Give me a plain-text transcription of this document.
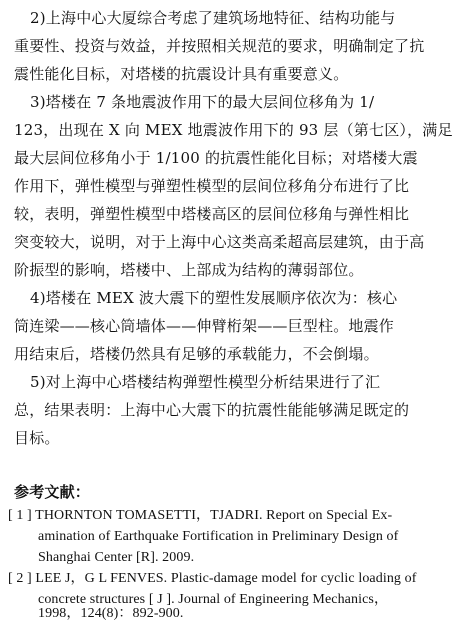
2)上海中心大厦综合考虑了建筑场地特征、结构功能与
重要性、投资与效益，并按照相关规范的要求，明确制定了抗
震性能化目标，对塔楼的抗震设计具有重要意义。
3)塔楼在 7 条地震波作用下的最大层间位移角为 1/
123，出现在 X 向 MEX 地震波作用下的 93 层（第七区），满足
最大层间位移角小于 1/100 的抗震性能化目标；对塔楼大震
作用下，弹性模型与弹塑性模型的层间位移角分布进行了比
较，表明，弹塑性模型中塔楼高区的层间位移角与弹性相比
突变较大，说明，对于上海中心这类高柔超高层建筑，由于高
阶振型的影响，塔楼中、上部成为结构的薄弱部位。
4)塔楼在 MEX 波大震下的塑性发展顺序依次为：核心
筒连梁——核心筒墙体——伸臂桁架——巨型柱。地震作
用结束后，塔楼仍然具有足够的承载能力，不会倒塌。
5)对上海中心塔楼结构弹塑性模型分析结果进行了汇
总，结果表明：上海中心大震下的抗震性能能够满足既定的
目标。
参考文献：
[ 1 ] THORNTON TOMASETTI，TJADRI. Report on Special Ex-
amination of Earthquake Fortification in Preliminary Design of
Shanghai Center [R]. 2009.
[ 2 ] LEE J，G L FENVES. Plastic-damage model for cyclic loading of
concrete structures [ J ]. Journal of Engineering Mechanics，
1998，124(8)：892-900.
